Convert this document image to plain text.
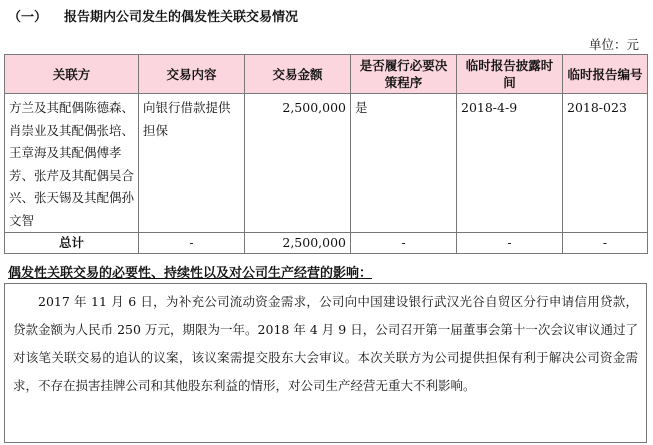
（一）	报告期内公司发生的偶发性关联交易情况
单位：元
关联方	交易内容	交易金额	是否履行必要决策程序	临时报告披露时间	临时报告编号
方兰及其配偶陈德森、肖崇业及其配偶张培、王章海及其配偶傅孝芳、张芹及其配偶吴合兴、张天锡及其配偶孙文智	向银行借款提供担保	2,500,000	是	2018-4-9	2018-023
总计	-	2,500,000	-	-	-
偶发性关联交易的必要性、持续性以及对公司生产经营的影响：
2017 年 11 月 6 日，为补充公司流动资金需求，公司向中国建设银行武汉光谷自贸区分行申请信用贷款，贷款金额为人民币 250 万元，期限为一年。2018 年 4 月 9 日，公司召开第一届董事会第十一次会议审议通过了对该笔关联交易的追认的议案，该议案需提交股东大会审议。本次关联方为公司提供担保有利于解决公司资金需求，不存在损害挂牌公司和其他股东利益的情形，对公司生产经营无重大不利影响。
